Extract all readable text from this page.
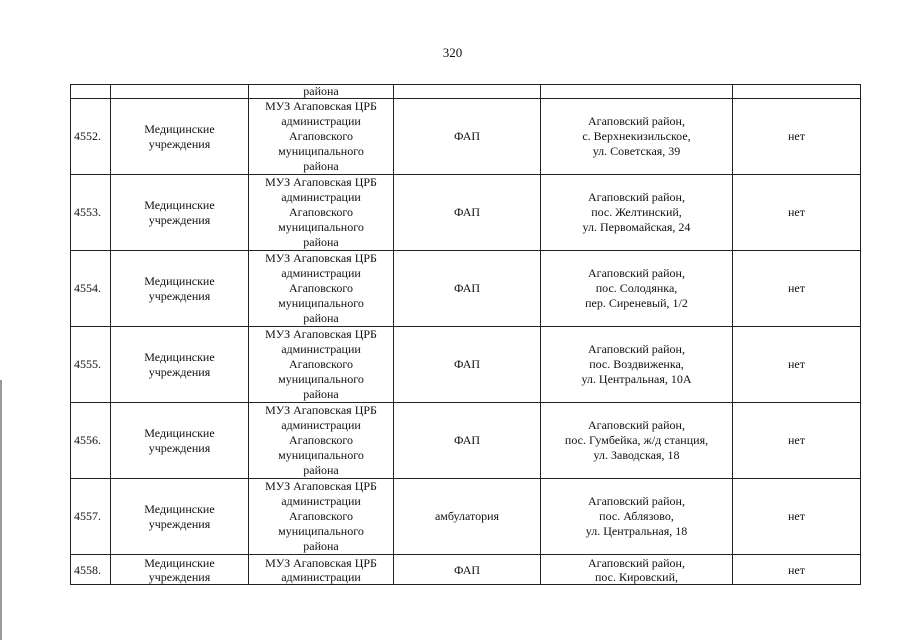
320
		района			
4552.	Медицинские
учреждения	МУЗ Агаповская ЦРБ
администрации
Агаповского
муниципального
района	ФАП	Агаповский район,
с. Верхнекизильское,
ул. Советская, 39	нет
4553.	Медицинские
учреждения	МУЗ Агаповская ЦРБ
администрации
Агаповского
муниципального
района	ФАП	Агаповский район,
пос. Желтинский,
ул. Первомайская, 24	нет
4554.	Медицинские
учреждения	МУЗ Агаповская ЦРБ
администрации
Агаповского
муниципального
района	ФАП	Агаповский район,
пос. Солодянка,
пер. Сиреневый, 1/2	нет
4555.	Медицинские
учреждения	МУЗ Агаповская ЦРБ
администрации
Агаповского
муниципального
района	ФАП	Агаповский район,
пос. Воздвиженка,
ул. Центральная, 10А	нет
4556.	Медицинские
учреждения	МУЗ Агаповская ЦРБ
администрации
Агаповского
муниципального
района	ФАП	Агаповский район,
пос. Гумбейка, ж/д станция,
ул. Заводская, 18	нет
4557.	Медицинские
учреждения	МУЗ Агаповская ЦРБ
администрации
Агаповского
муниципального
района	амбулатория	Агаповский район,
пос. Аблязово,
ул. Центральная, 18	нет
4558.	Медицинские
учреждения	МУЗ Агаповская ЦРБ
администрации	ФАП	Агаповский район,
пос. Кировский,	нет
